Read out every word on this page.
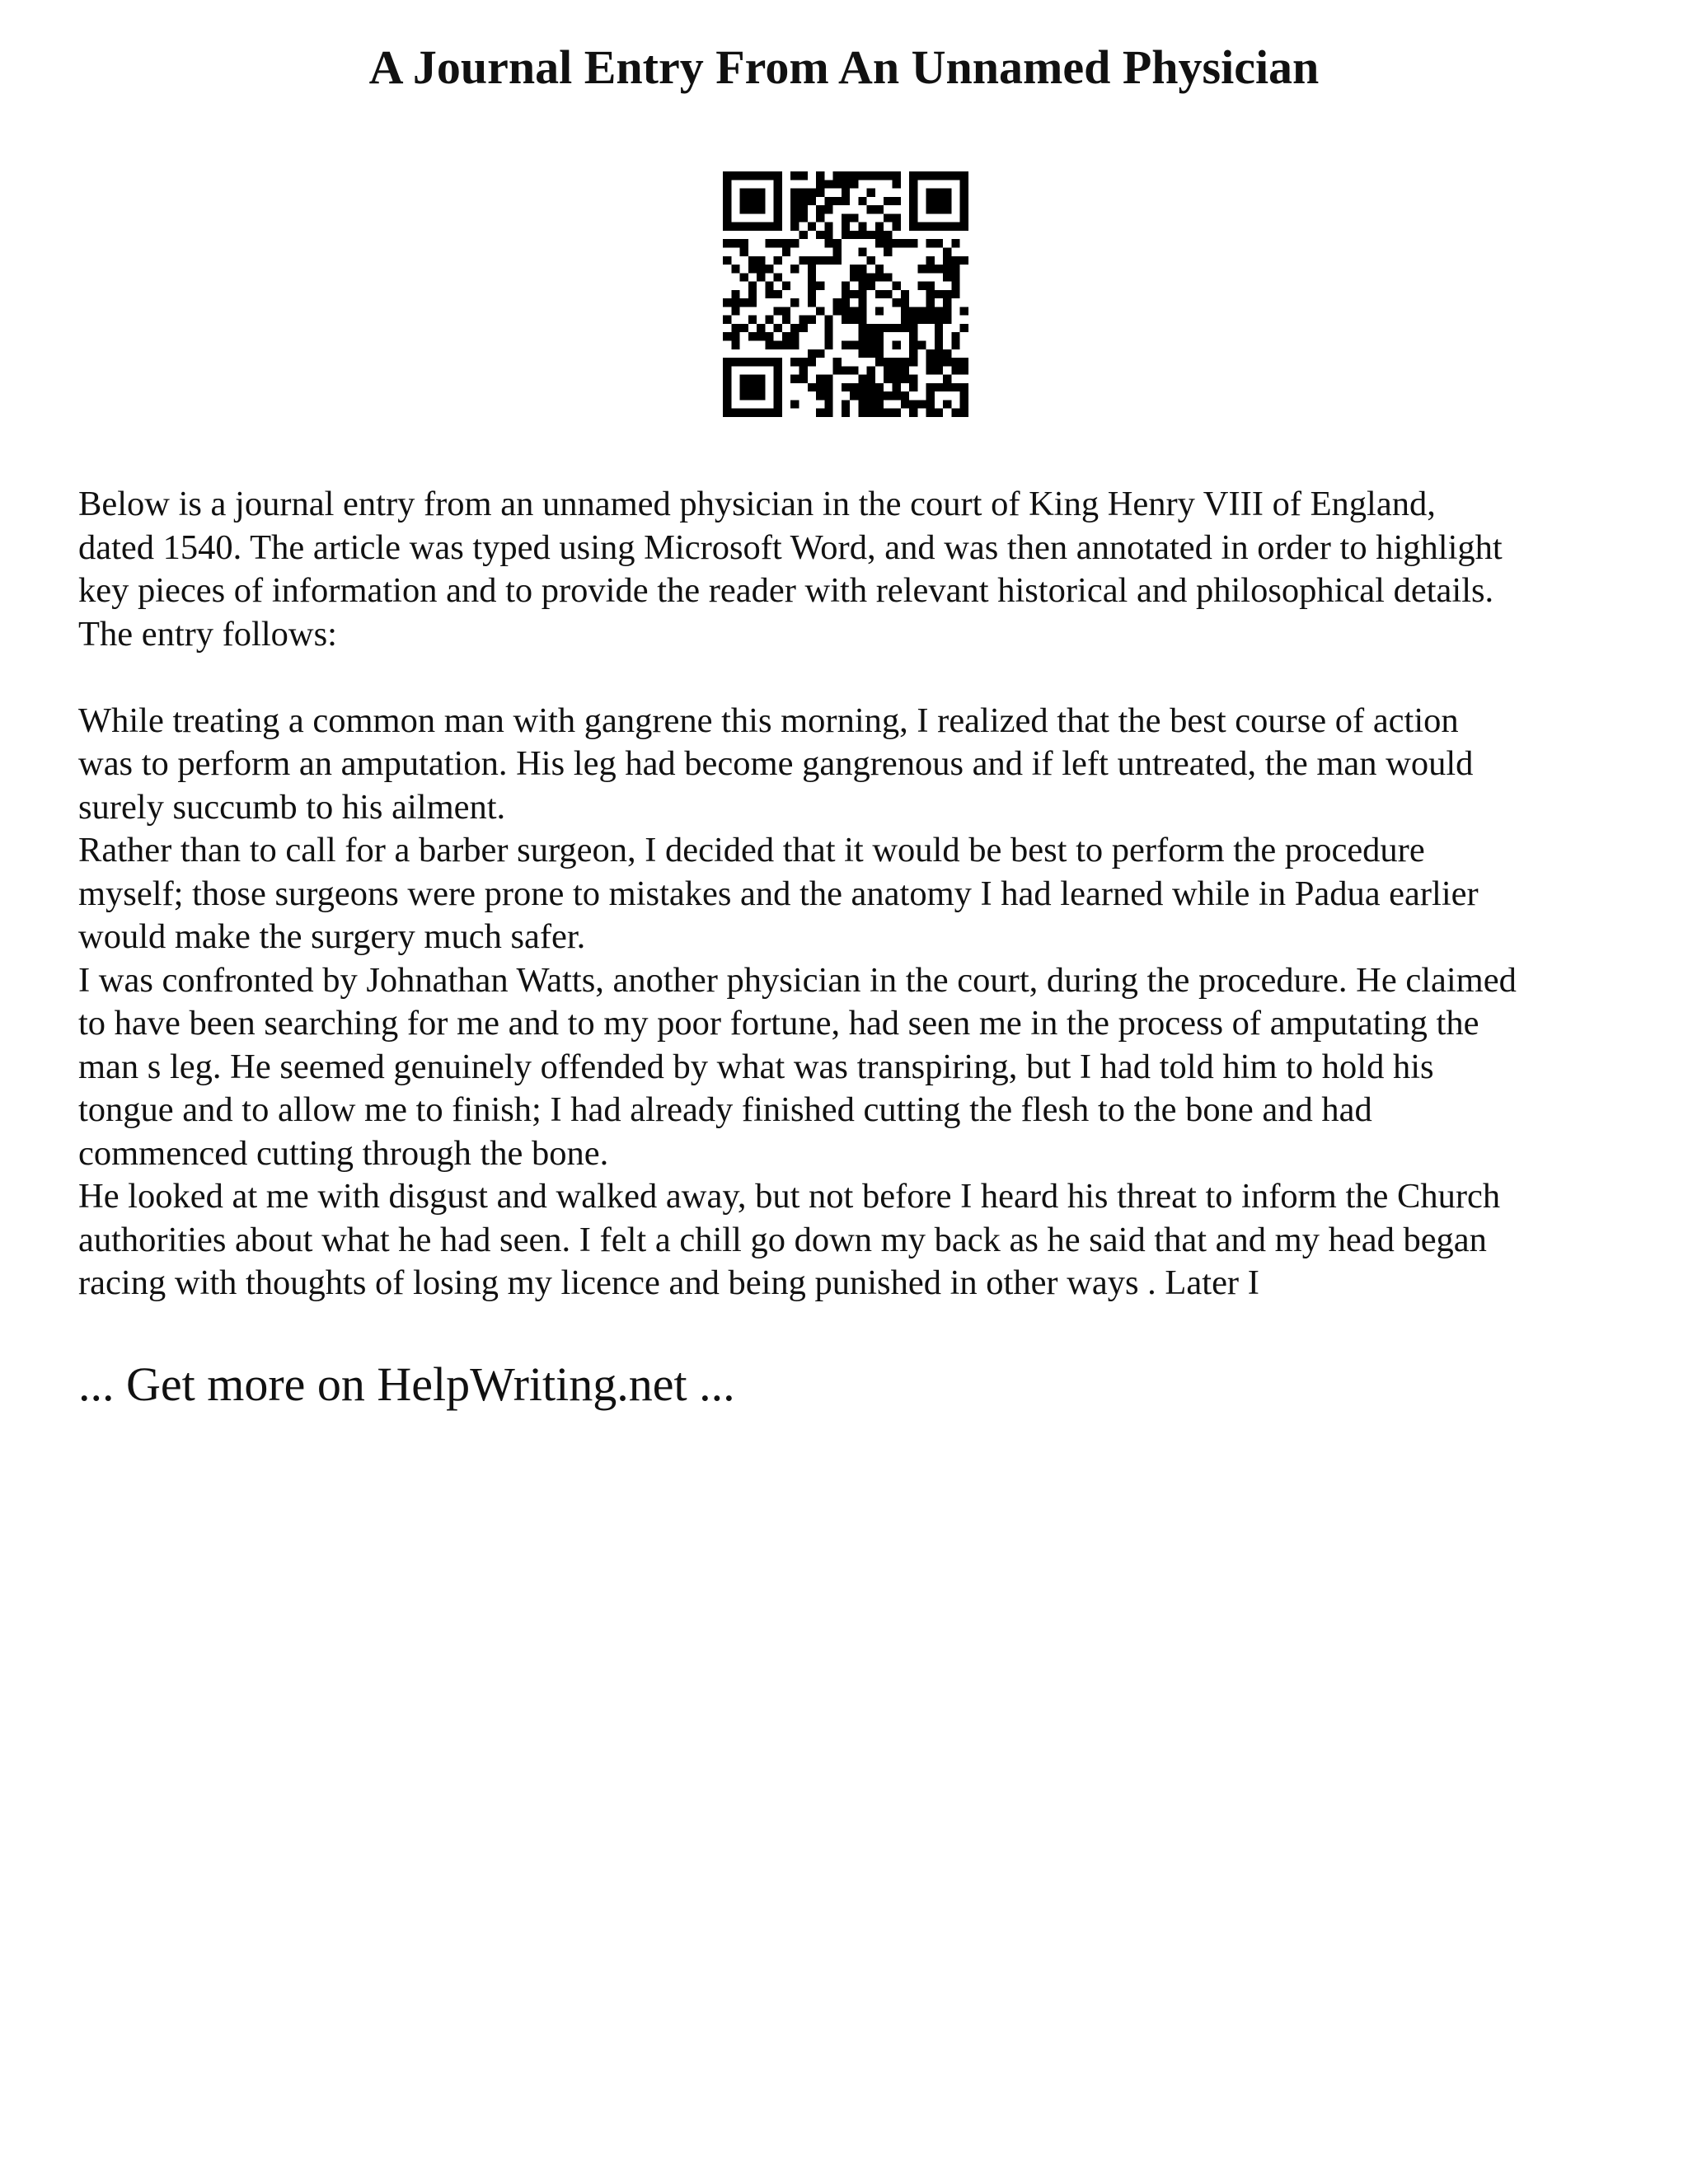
A Journal Entry From An Unnamed Physician

Below is a journal entry from an unnamed physician in the court of King Henry VIII of England,
dated 1540. The article was typed using Microsoft Word, and was then annotated in order to highlight
key pieces of information and to provide the reader with relevant historical and philosophical details.
The entry follows:

While treating a common man with gangrene this morning, I realized that the best course of action
was to perform an amputation. His leg had become gangrenous and if left untreated, the man would
surely succumb to his ailment.

Rather than to call for a barber surgeon, I decided that it would be best to perform the procedure
myself; those surgeons were prone to mistakes and the anatomy I had learned while in Padua earlier
would make the surgery much safer.

I was confronted by Johnathan Watts, another physician in the court, during the procedure. He claimed
to have been searching for me and to my poor fortune, had seen me in the process of amputating the
man s leg. He seemed genuinely offended by what was transpiring, but I had told him to hold his
tongue and to allow me to finish; I had already finished cutting the flesh to the bone and had
commenced cutting through the bone.

He looked at me with disgust and walked away, but not before I heard his threat to inform the Church
authorities about what he had seen. I felt a chill go down my back as he said that and my head began
racing with thoughts of losing my licence and being punished in other ways . Later I

... Get more on HelpWriting.net ...
